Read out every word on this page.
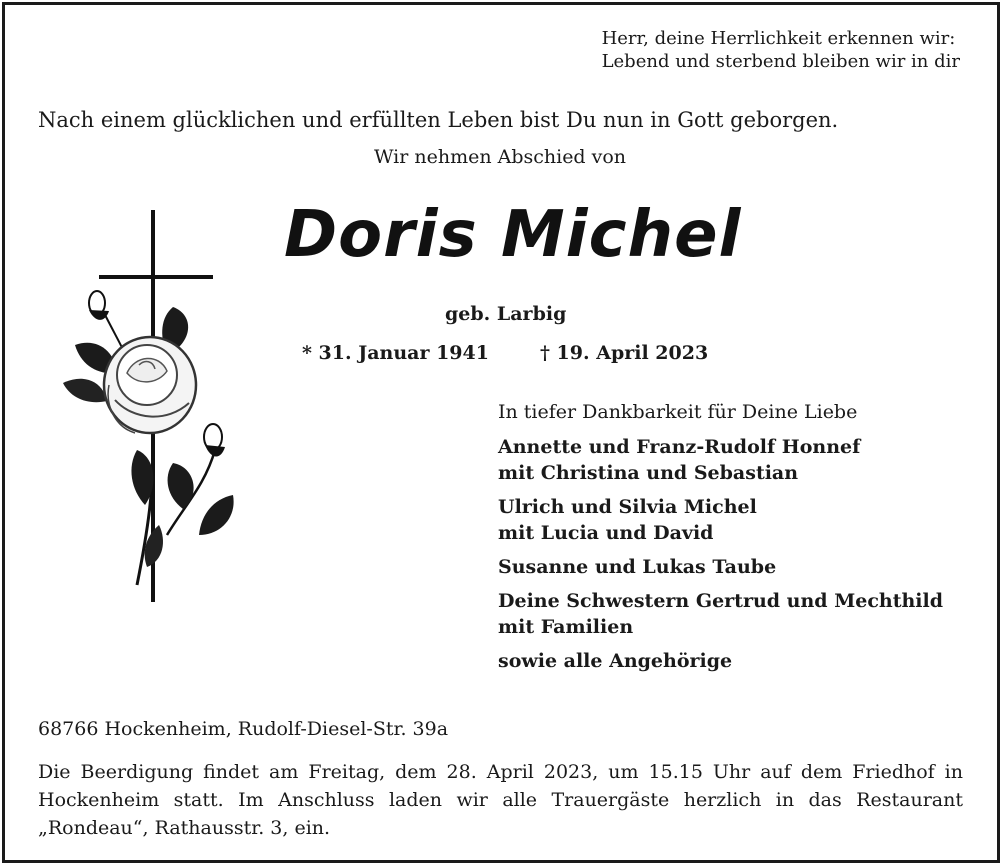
Herr, deine Herrlichkeit erkennen wir:
Lebend und sterbend bleiben wir in dir
Nach einem glücklichen und erfüllten Leben bist Du nun in Gott geborgen.
Wir nehmen Abschied von
Doris Michel
geb. Larbig
* 31. Januar 1941	† 19. April 2023
In tiefer Dankbarkeit für Deine Liebe
Annette und Franz-Rudolf Honnef
mit Christina und Sebastian
Ulrich und Silvia Michel
mit Lucia und David
Susanne und Lukas Taube
Deine Schwestern Gertrud und Mechthild
mit Familien
sowie alle Angehörige
68766 Hockenheim, Rudolf-Diesel-Str. 39a
Die Beerdigung findet am Freitag, dem 28. April 2023, um 15.15 Uhr auf dem Friedhof in
Hockenheim statt. Im Anschluss laden wir alle Trauergäste herzlich in das Restaurant
„Rondeau“, Rathausstr. 3, ein.
